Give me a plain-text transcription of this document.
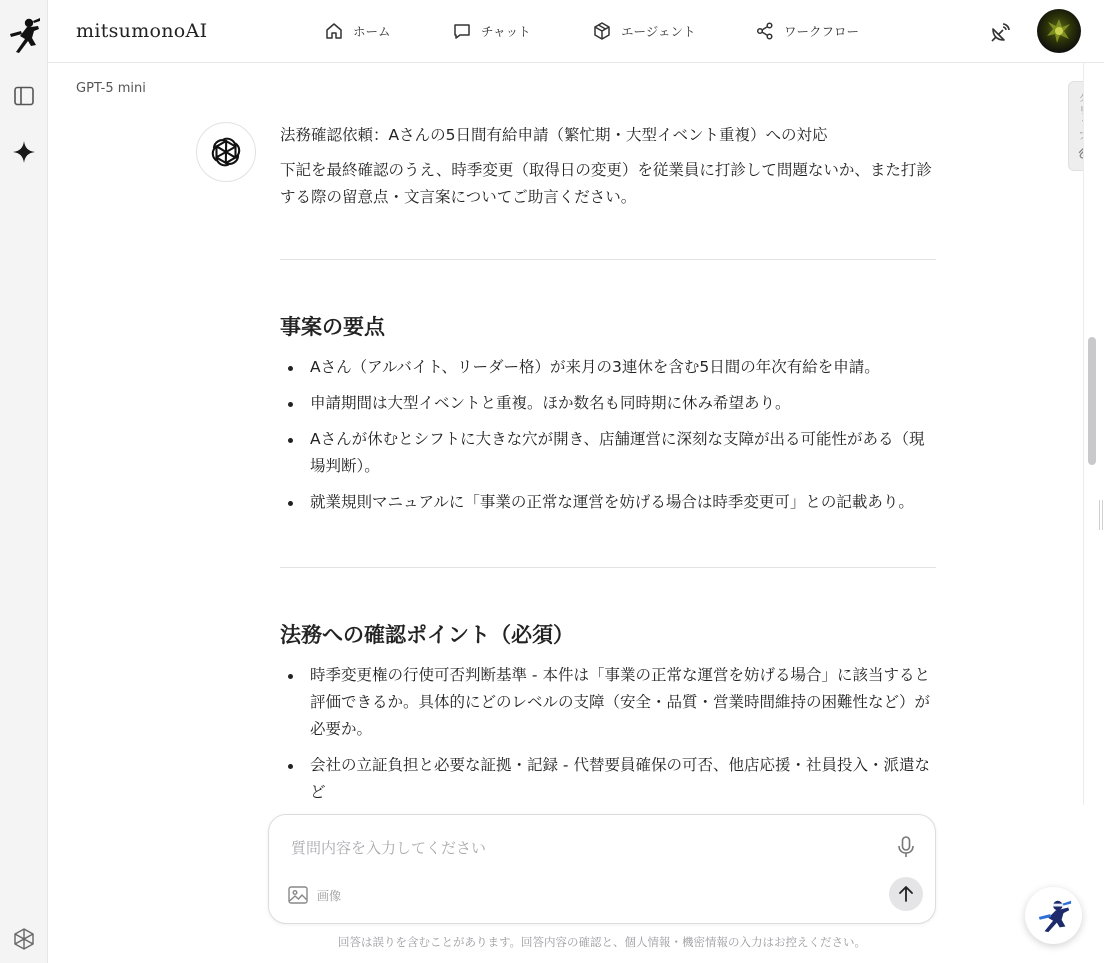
mitsumonoAI	ホーム	チャット	エージェント	ワークフロー
GPT-5 mini

法務確認依頼：Aさんの5日間有給申請（繁忙期・大型イベント重複）への対応

下記を最終確認のうえ、時季変更（取得日の変更）を従業員に打診して問題ないか、また打診する際の留意点・文言案についてご助言ください。

事案の要点
Aさん（アルバイト、リーダー格）が来月の3連休を含む5日間の年次有給を申請。
申請期間は大型イベントと重複。ほか数名も同時期に休み希望あり。
Aさんが休むとシフトに大きな穴が開き、店舗運営に深刻な支障が出る可能性がある（現場判断）。
就業規則マニュアルに「事業の正常な運営を妨げる場合は時季変更可」との記載あり。
法務への確認ポイント（必須）
時季変更権の行使可否判断基準 - 本件は「事業の正常な運営を妨げる場合」に該当すると評価できるか。具体的にどのレベルの支障（安全・品質・営業時間維持の困難性など）が必要か。
会社の立証負担と必要な証拠・記録 - 代替要員確保の可否、他店応援・社員投入・派遣など
質問内容を入力してください
画像
回答は誤りを含むことがあります。回答内容の確認と、個人情報・機密情報の入力はお控えください。
